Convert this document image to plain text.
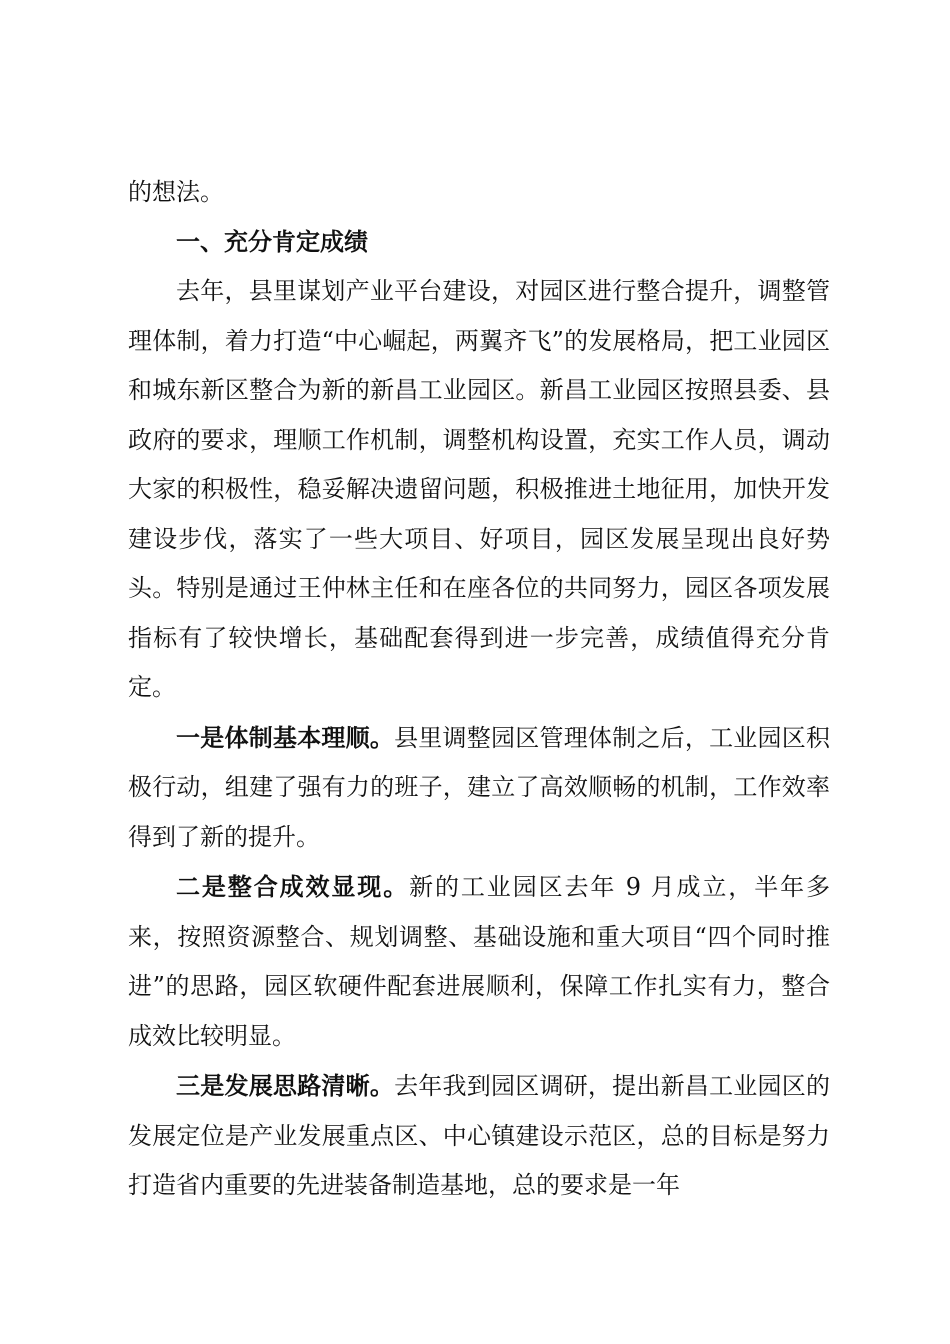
的想法。

一、充分肯定成绩

去年，县里谋划产业平台建设，对园区进行整合提升，调整管理体制，着力打造“中心崛起，两翼齐飞”的发展格局，把工业园区和城东新区整合为新的新昌工业园区。新昌工业园区按照县委、县政府的要求，理顺工作机制，调整机构设置，充实工作人员，调动大家的积极性，稳妥解决遗留问题，积极推进土地征用，加快开发建设步伐，落实了一些大项目、好项目，园区发展呈现出良好势头。特别是通过王仲林主任和在座各位的共同努力，园区各项发展指标有了较快增长，基础配套得到进一步完善，成绩值得充分肯定。

一是体制基本理顺。县里调整园区管理体制之后，工业园区积极行动，组建了强有力的班子，建立了高效顺畅的机制，工作效率得到了新的提升。

二是整合成效显现。新的工业园区去年 9 月成立，半年多来，按照资源整合、规划调整、基础设施和重大项目“四个同时推进”的思路，园区软硬件配套进展顺利，保障工作扎实有力，整合成效比较明显。

三是发展思路清晰。去年我到园区调研，提出新昌工业园区的发展定位是产业发展重点区、中心镇建设示范区，总的目标是努力打造省内重要的先进装备制造基地，总的要求是一年
